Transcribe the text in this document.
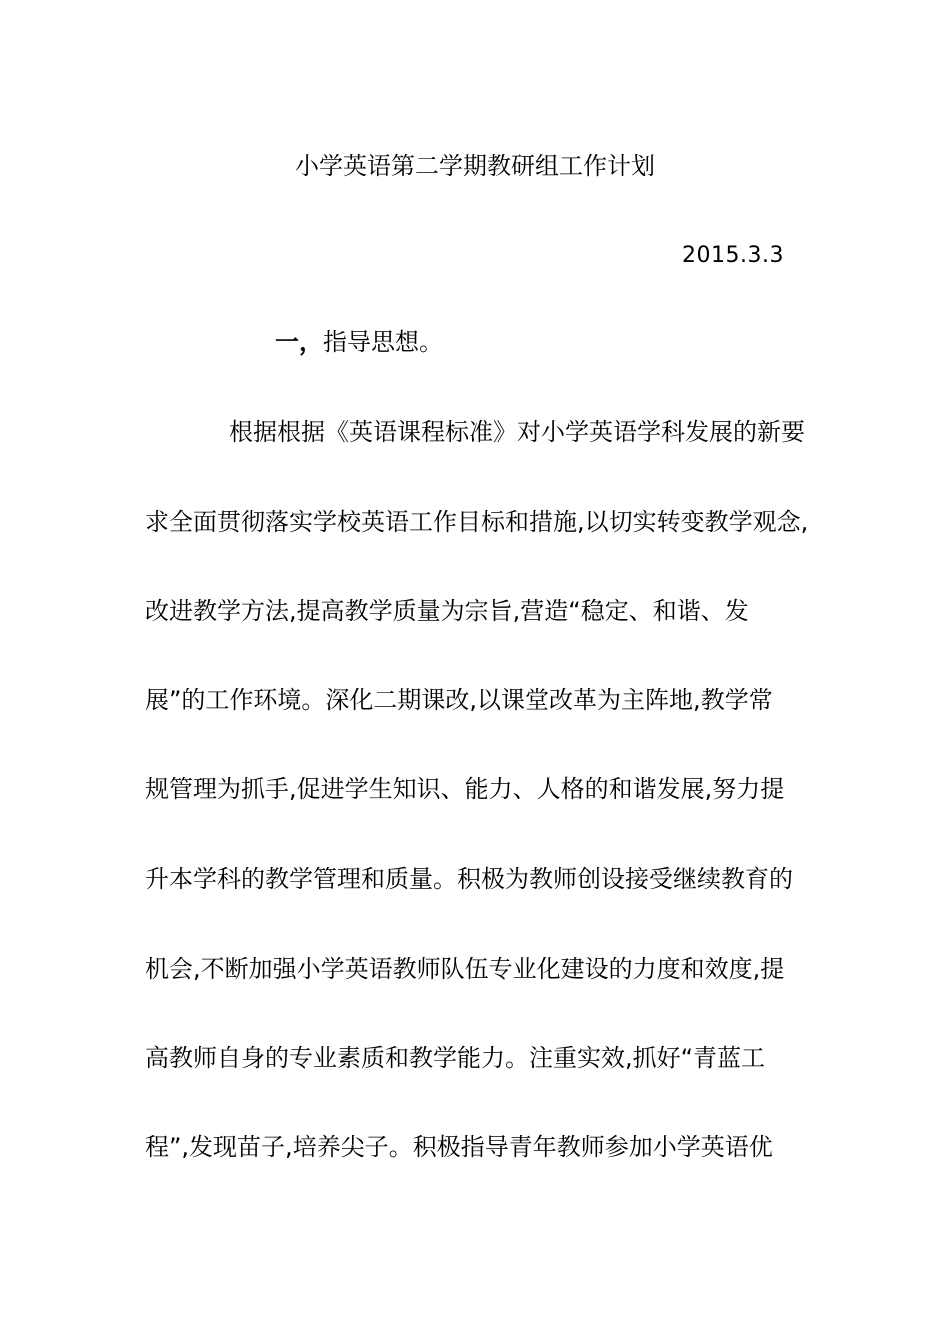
小学英语第二学期教研组工作计划
2015.3.3
一，指导思想。
根据根据《英语课程标准》对小学英语学科发展的新要
求全面贯彻落实学校英语工作目标和措施,以切实转变教学观念,
改进教学方法,提高教学质量为宗旨,营造“稳定、和谐、发
展”的工作环境。深化二期课改,以课堂改革为主阵地,教学常
规管理为抓手,促进学生知识、能力、人格的和谐发展,努力提
升本学科的教学管理和质量。积极为教师创设接受继续教育的
机会,不断加强小学英语教师队伍专业化建设的力度和效度,提
高教师自身的专业素质和教学能力。注重实效,抓好“青蓝工
程”,发现苗子,培养尖子。积极指导青年教师参加小学英语优
